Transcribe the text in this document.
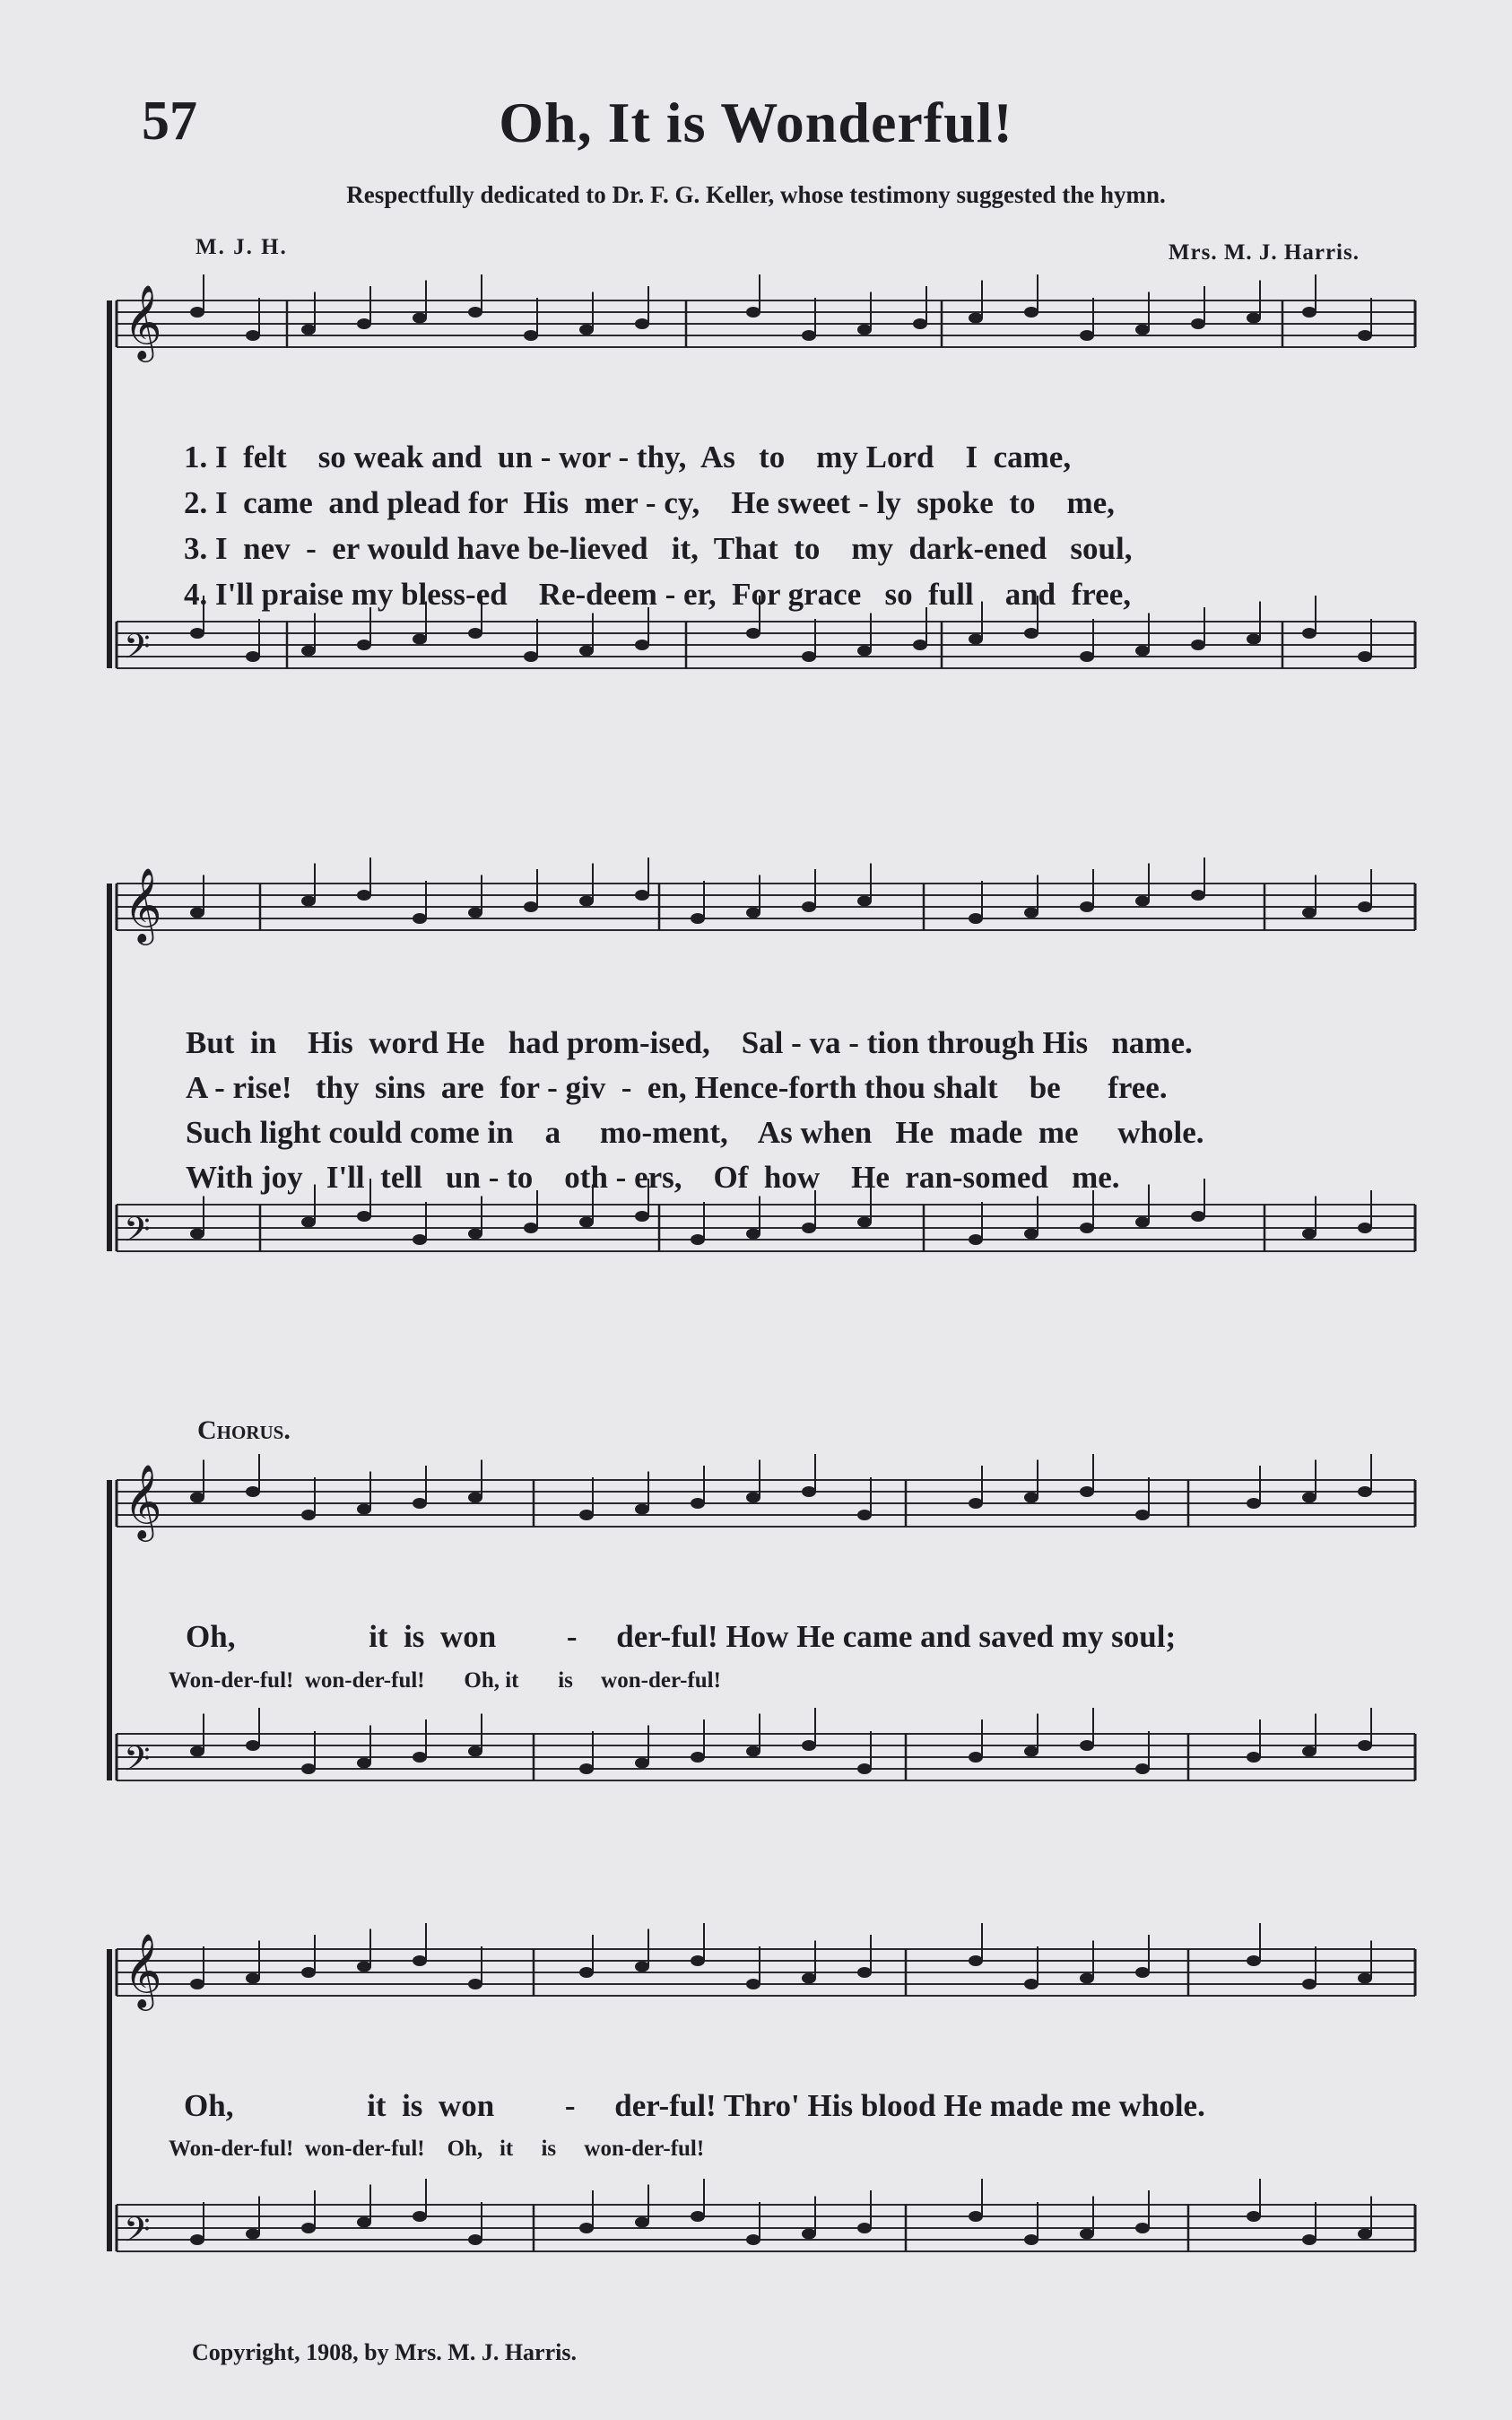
57	Oh, It is Wonderful!
Respectfully dedicated to Dr. F. G. Keller, whose testimony suggested the hymn.
M. J. H.	Mrs. M. J. Harris.
𝄞
𝄢
𝄞
𝄢
𝄞
𝄢
𝄞
𝄢
1. I  felt    so weak and  un - wor - thy,  As   to    my Lord    I  came,
2. I  came  and plead for  His  mer - cy,    He sweet - ly  spoke  to    me,
3. I  nev  -  er would have be-lieved   it,  That  to    my  dark-ened   soul,
4. I'll praise my bless-ed    Re-deem - er,  For grace   so  full    and  free,
But  in    His  word He   had prom-ised,    Sal - va - tion through His   name.
A - rise!   thy  sins  are  for - giv  -  en, Hence-forth thou shalt    be      free.
Such light could come in    a     mo-ment,    As when   He  made  me     whole.
With joy   I'll  tell   un - to    oth - ers,    Of  how    He  ran-somed   me.
Chorus.
Oh,                 it  is  won         -     der-ful! How He came and saved my soul;
Won-der-ful!  won-der-ful!       Oh, it       is     won-der-ful!
Oh,                 it  is  won         -     der-ful! Thro' His blood He made me whole.
Won-der-ful!  won-der-ful!    Oh,   it     is     won-der-ful!
Copyright, 1908, by Mrs. M. J. Harris.
